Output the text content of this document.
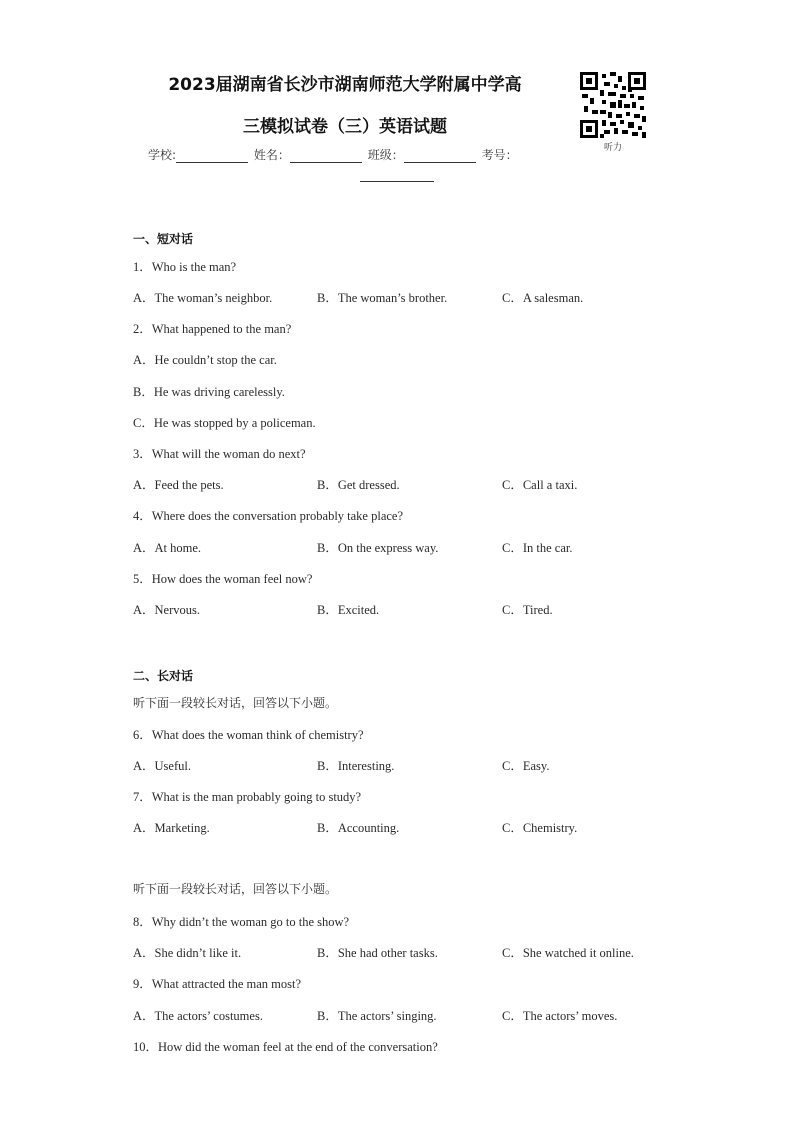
2023届湖南省长沙市湖南师范大学附属中学高
三模拟试卷（三）英语试题
听力
学校:	姓名：	班级：	考号：
一、短对话
1．Who is the man?
A．The woman’s neighbor.	B．The woman’s brother.	C．A salesman.
2．What happened to the man?
A．He couldn’t stop the car.
B．He was driving carelessly.
C．He was stopped by a policeman.
3．What will the woman do next?
A．Feed the pets.	B．Get dressed.	C．Call a taxi.
4．Where does the conversation probably take place?
A．At home.	B．On the express way.	C．In the car.
5．How does the woman feel now?
A．Nervous.	B．Excited.	C．Tired.
二、长对话
听下面一段较长对话，回答以下小题。
6．What does the woman think of chemistry?
A．Useful.	B．Interesting.	C．Easy.
7．What is the man probably going to study?
A．Marketing.	B．Accounting.	C．Chemistry.
听下面一段较长对话，回答以下小题。
8．Why didn’t the woman go to the show?
A．She didn’t like it.	B．She had other tasks.	C．She watched it online.
9．What attracted the man most?
A．The actors’ costumes.	B．The actors’ singing.	C．The actors’ moves.
10．How did the woman feel at the end of the conversation?
